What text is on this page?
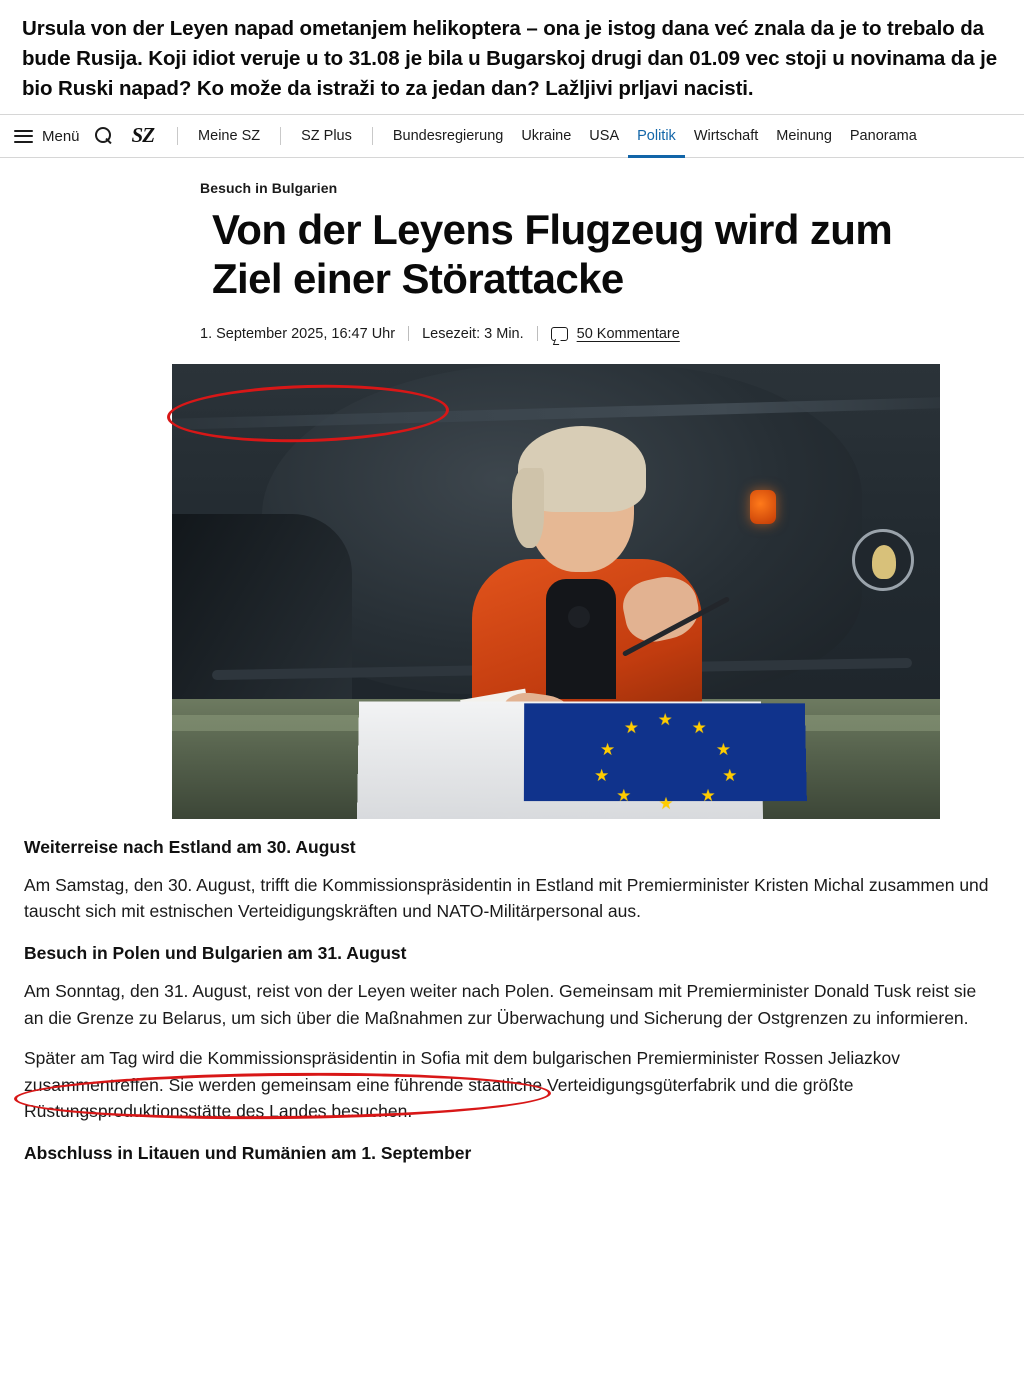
Ursula von der Leyen napad ometanjem helikoptera – ona je istog dana već znala da je to trebalo da bude Rusija. Koji idiot veruje u to 31.08 je bila u Bugarskoj drugi dan 01.09 vec stoji u novinama da je bio Ruski napad? Ko može da istraži to za jedan dan? Lažljivi prljavi nacisti.
Menü SZ	Meine SZ	SZ Plus	Bundesregierung	Ukraine	USA	Politik	Wirtschaft	Meinung	Panorama
Besuch in Bulgarien
Von der Leyens Flugzeug wird zum Ziel einer Störattacke
1. September 2025, 16:47 Uhr Lesezeit: 3 Min.	50 Kommentare
★
★	★
★	★
★	★
★	★
★
Weiterreise nach Estland am 30. August

Am Samstag, den 30. August, trifft die Kommissionspräsidentin in Estland mit Premierminister Kristen Michal zusammen und tauscht sich mit estnischen Verteidigungskräften und NATO-Militärpersonal aus.

Besuch in Polen und Bulgarien am 31. August

Am Sonntag, den 31. August, reist von der Leyen weiter nach Polen. Gemeinsam mit Premierminister Donald Tusk reist sie an die Grenze zu Belarus, um sich über die Maßnahmen zur Überwachung und Sicherung der Ostgrenzen zu informieren.

Später am Tag wird die Kommissionspräsidentin in Sofia mit dem bulgarischen Premierminister Rossen Jeliazkov zusammentreffen. Sie werden gemeinsam eine führende staatliche Verteidigungsgüterfabrik und die größte Rüstungsproduktionsstätte des Landes besuchen.

Abschluss in Litauen und Rumänien am 1. September
